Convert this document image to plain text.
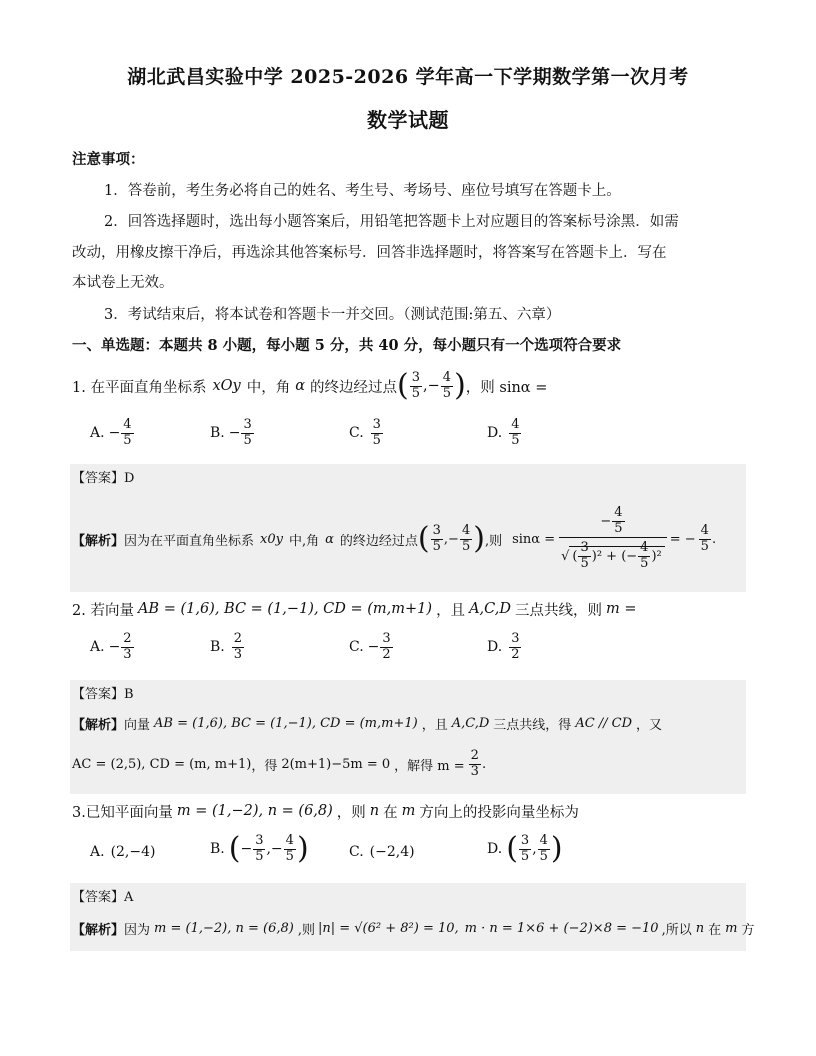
湖北武昌实验中学 2025-2026 学年高一下学期数学第一次月考
数学试题
注意事项：
1．答卷前，考生务必将自己的姓名、考生号、考场号、座位号填写在答题卡上。
2．回答选择题时，选出每小题答案后，用铅笔把答题卡上对应题目的答案标号涂黑．如需
改动，用橡皮擦干净后，再选涂其他答案标号．回答非选择题时，将答案写在答题卡上．写在
本试卷上无效。
3．考试结束后，将本试卷和答题卡一并交回。（测试范围:第五、六章）
一、单选题：本题共 8 小题，每小题 5 分，共 40 分，每小题只有一个选项符合要求
1. 在平面直角坐标系 xOy 中，角 α 的终边经过点 ( $\frac{3}{5}$ ,− $\frac{4}{5}$ ) ，则 sinα =
A. − $\frac{4}{5}$	B. − $\frac{3}{5}$	C. $\frac{3}{5}$	D. $\frac{4}{5}$
【答案】D
【解析】 因为在平面直角坐标系 x0y 中,角 α 的终边经过点 ( $\frac{3}{5}$ ,− $\frac{4}{5}$ ) ,则 $\sin\alpha = \frac{- \frac{4}{5}}{√ ( \frac{3}{5} )^2 + (- \frac{4}{5} )^2}$ = − $\frac{4}{5}$ .
2. 若向量 AB = (1,6), BC = (1,−1), CD = (m,m+1) ，且 A,C,D 三点共线，则 m =
A. − $\frac{2}{3}$	B. $\frac{2}{3}$	C. − $\frac{3}{2}$	D. $\frac{3}{2}$
【答案】B
【解析】 向量 AB = (1,6), BC = (1,−1), CD = (m,m+1) ，且 A,C,D 三点共线，得 AC // CD ，又
AC = (2,5), CD = (m, m+1) ，得 2(m+1)−5m = 0 ，解得 $m = \frac{2}{3}$ .
3.已知平面向量 m = (1,−2), n = (6,8) ，则 n 在 m 方向上的投影向量坐标为
A. (2,−4)	B. ( − $\frac{3}{5}$ ,− $\frac{4}{5}$ )	C. (−2,4)	D. ( $\frac{3}{5}$ , $\frac{4}{5}$ )
【答案】A
【解析】 因为 m = (1,−2), n = (6,8) ,则 |n| = √(6² + 8²) = 10, m · n = 1×6 + (−2)×8 = −10 ,所以 n 在 m 方
